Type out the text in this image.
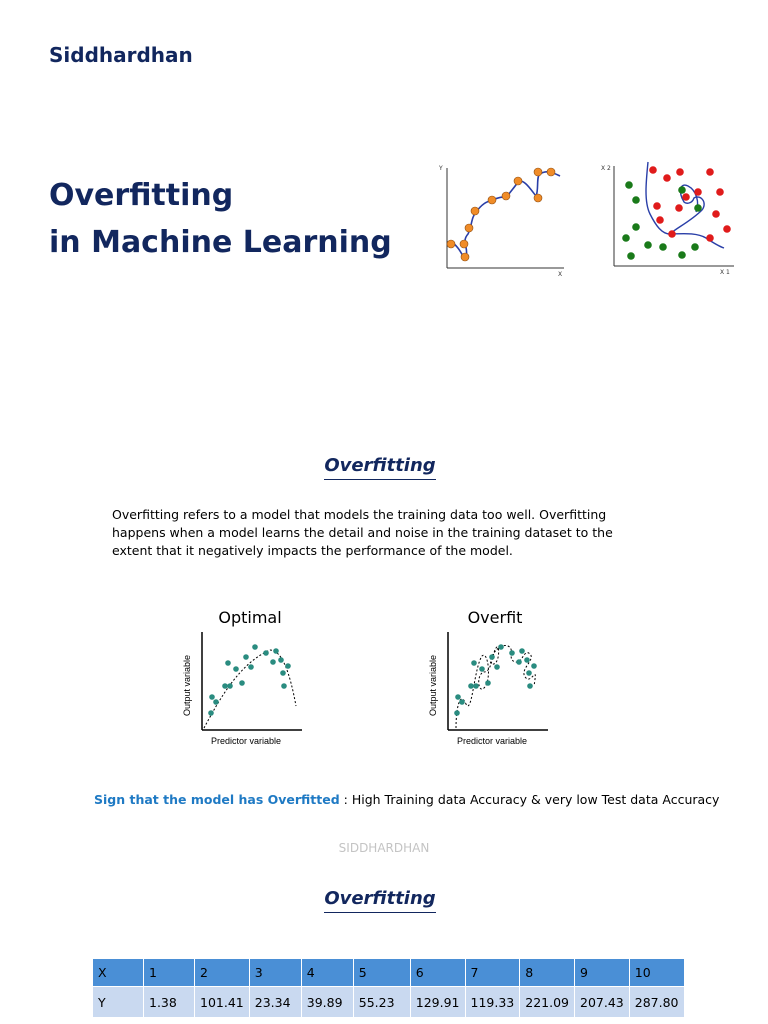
Siddhardhan
Overfitting
in Machine Learning
Y
X
X 2
X 1
Overfitting

Overfitting refers to a model that models the training data too well. Overfitting happens when a model learns the detail and noise in the training dataset to the extent that it negatively impacts the performance of the model.

Optimal
Output variable
Predictor variable
Overfit
Output variable
Predictor variable
Sign that the model has Overfitted : High Training data Accuracy & very low Test data Accuracy
SIDDHARDHAN
Overfitting
X	1	2	3	4	5	6	7	8	9	10
Y	1.38	101.41	23.34	39.89	55.23	129.91	119.33	221.09	207.43	287.80
